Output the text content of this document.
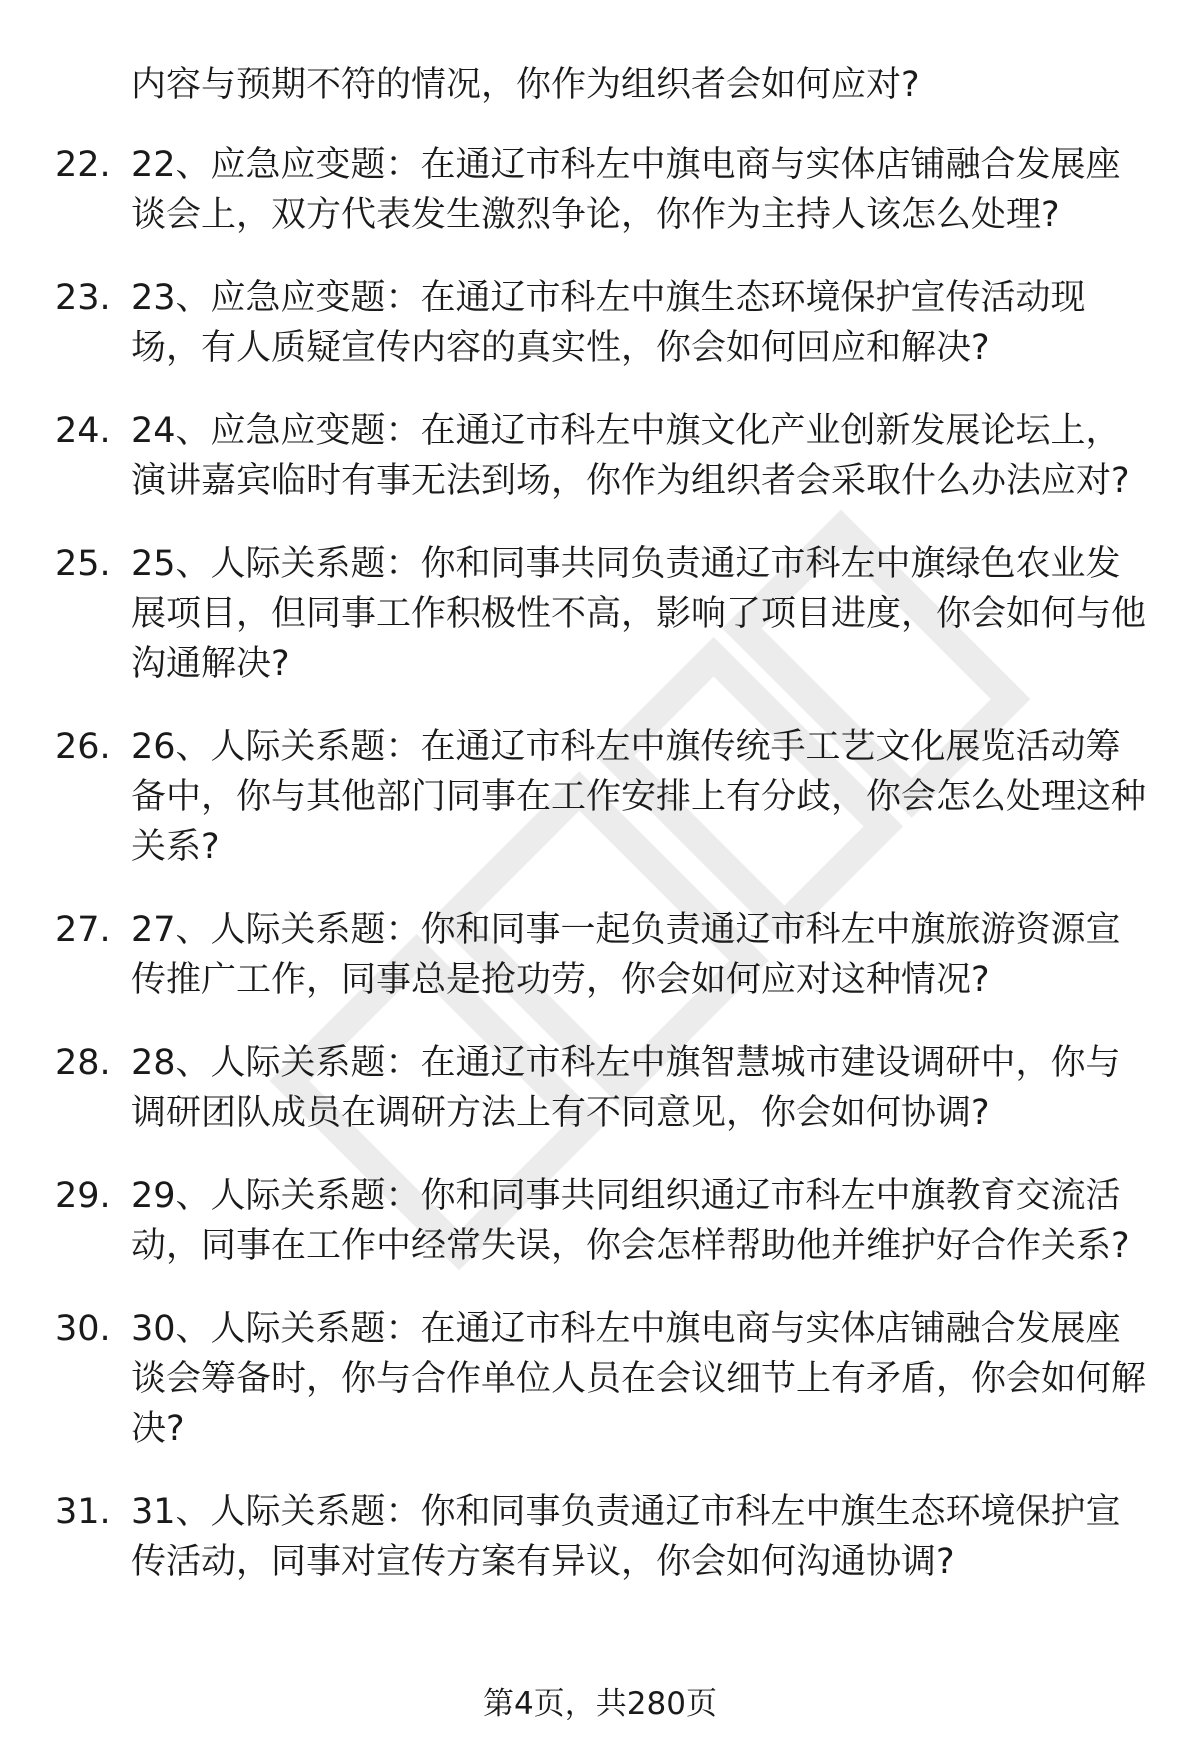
内容与预期不符的情况，你作为组织者会如何应对?
22. 22、应急应变题：在通辽市科左中旗电商与实体店铺融合发展座谈会上，双方代表发生激烈争论，你作为主持人该怎么处理?
23. 23、应急应变题：在通辽市科左中旗生态环境保护宣传活动现场，有人质疑宣传内容的真实性，你会如何回应和解决?
24. 24、应急应变题：在通辽市科左中旗文化产业创新发展论坛上，演讲嘉宾临时有事无法到场，你作为组织者会采取什么办法应对?
25. 25、人际关系题：你和同事共同负责通辽市科左中旗绿色农业发展项目，但同事工作积极性不高，影响了项目进度，你会如何与他沟通解决?
26. 26、人际关系题：在通辽市科左中旗传统手工艺文化展览活动筹备中，你与其他部门同事在工作安排上有分歧，你会怎么处理这种关系?
27. 27、人际关系题：你和同事一起负责通辽市科左中旗旅游资源宣传推广工作，同事总是抢功劳，你会如何应对这种情况?
28. 28、人际关系题：在通辽市科左中旗智慧城市建设调研中，你与调研团队成员在调研方法上有不同意见，你会如何协调?
29. 29、人际关系题：你和同事共同组织通辽市科左中旗教育交流活动，同事在工作中经常失误，你会怎样帮助他并维护好合作关系?
30. 30、人际关系题：在通辽市科左中旗电商与实体店铺融合发展座谈会筹备时，你与合作单位人员在会议细节上有矛盾，你会如何解决?
31. 31、人际关系题：你和同事负责通辽市科左中旗生态环境保护宣传活动，同事对宣传方案有异议，你会如何沟通协调?
第4页，共280页
